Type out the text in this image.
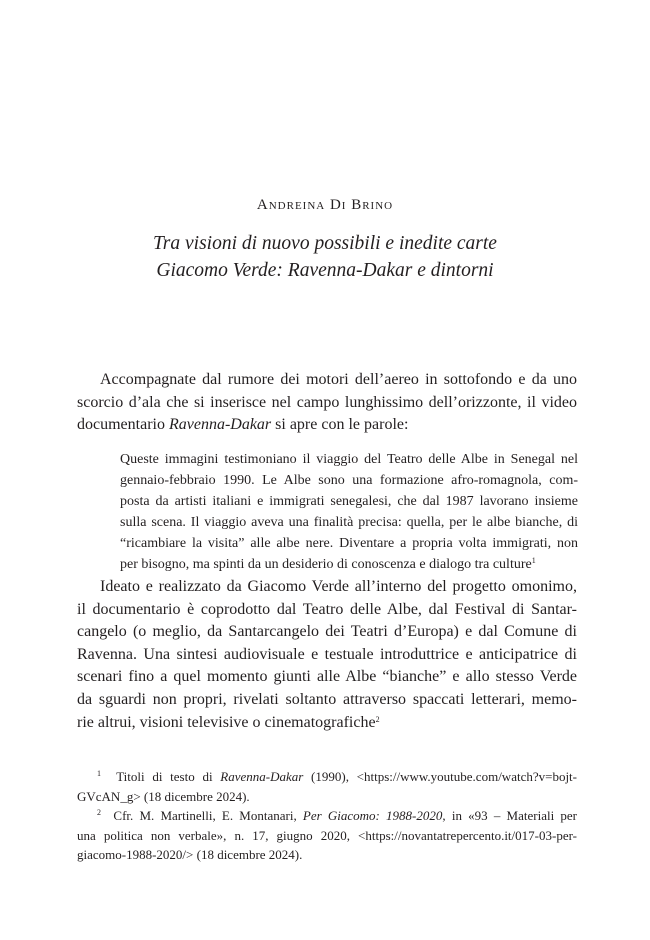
Andreina Di Brino
Tra visioni di nuovo possibili e inedite carte
Giacomo Verde: Ravenna-Dakar e dintorni
Accompagnate dal rumore dei motori dell’aereo in sottofondo e da uno
scorcio d’ala che si inserisce nel campo lunghissimo dell’orizzonte, il video
documentario Ravenna-Dakar si apre con le parole:
Queste immagini testimoniano il viaggio del Teatro delle Albe in Senegal nel
gennaio-febbraio 1990. Le Albe sono una formazione afro-romagnola, com-
posta da artisti italiani e immigrati senegalesi, che dal 1987 lavorano insieme
sulla scena. Il viaggio aveva una finalità precisa: quella, per le albe bianche, di
“ricambiare la visita” alle albe nere. Diventare a propria volta immigrati, non
per bisogno, ma spinti da un desiderio di conoscenza e dialogo tra culture$^1$
Ideato e realizzato da Giacomo Verde all’interno del progetto omonimo,
il documentario è coprodotto dal Teatro delle Albe, dal Festival di Santar-
cangelo (o meglio, da Santarcangelo dei Teatri d’Europa) e dal Comune di
Ravenna. Una sintesi audiovisuale e testuale introduttrice e anticipatrice di
scenari fino a quel momento giunti alle Albe “bianche” e allo stesso Verde
da sguardi non propri, rivelati soltanto attraverso spaccati letterari, memo-
rie altrui, visioni televisive o cinematografiche$^2$
$^1$ Titoli di testo di Ravenna-Dakar (1990), <https://www.youtube.com/watch?v=bojt-
GVcAN_g> (18 dicembre 2024).
$^2$ Cfr. M. Martinelli, E. Montanari, Per Giacomo: 1988-2020, in «93 – Materiali per
una politica non verbale», n. 17, giugno 2020, <https://novantatrepercento.it/017-03-per-
giacomo-1988-2020/> (18 dicembre 2024).
